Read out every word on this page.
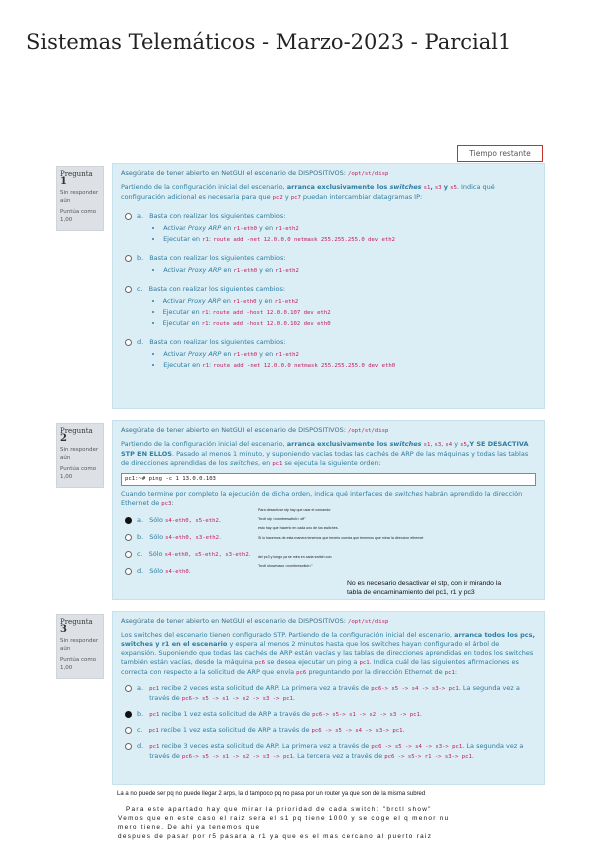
Sistemas Telemáticos - Marzo-2023 - Parcial1
Tiempo restante
Pregunta 1
Sin responder aún
Puntúa como 1,00

Asegúrate de tener abierto en NetGUI el escenario de DISPOSITIVOS: /opt/st/disp

Partiendo de la configuración inicial del escenario, arranca exclusivamente los switches s1, s3 y s5. Indica qué configuración adicional es necesaria para que pc2 y pc7 puedan intercambiar datagramas IP:

a. Basta con realizar los siguientes cambios:
• Activar Proxy ARP en r1-eth0 y en r1-eth2
• Ejecutar en r1: route add -net 12.0.0.0 netmask 255.255.255.0 dev eth2
b. Basta con realizar los siguientes cambios:
• Activar Proxy ARP en r1-eth0 y en r1-eth2
c. Basta con realizar los siguientes cambios:
• Activar Proxy ARP en r1-eth0 y en r1-eth2
• Ejecutar en r1: route add -host 12.0.0.107 dev eth2
• Ejecutar en r1: route add -host 12.0.0.102 dev eth0
d. Basta con realizar los siguientes cambios:
• Activar Proxy ARP en r1-eth0 y en r1-eth2
• Ejecutar en r1: route add -net 12.0.0.0 netmask 255.255.255.0 dev eth0
Pregunta 2
Sin responder aún
Puntúa como 1,00

Asegúrate de tener abierto en NetGUI el escenario de DISPOSITIVOS: /opt/st/disp

Partiendo de la configuración inicial del escenario, arranca exclusivamente los switches s1, s3, s4 y s5,Y SE DESACTIVA STP EN ELLOS. Pasado al menos 1 minuto, y suponiendo vacías todas las cachés de ARP de las máquinas y todas las tablas de direcciones aprendidas de los switches, en pc1 se ejecuta la siguiente orden:

pc1:~# ping -c 1 13.0.0.103

Cuando termine por completo la ejecución de dicha orden, indica qué interfaces de switches habrán aprendido la dirección Ethernet de pc3:

a. Sólo s4-eth0, s5-eth2.
b. Sólo s4-eth0, s3-eth2.
c. Sólo s4-eth0, s5-eth2, s3-eth2.
d. Sólo s4-eth0.
Para desactivar stp hay que usar el comando:
"brctl stp <nombreswitch> off"
esto hay que hacerlo en cada uno de los switches.
Si lo hacemos de esta manera tenemos que tenerlo cuenta que tenemos que mirar la direccion ethernet
del pc3 y luego ya se mira en cada switch con:
"brctl showmacs <nombreswitch>"
No es necesario desactivar el stp, con ir mirando la
tabla de encaminamiento del pc1, r1 y pc3
Pregunta 3
Sin responder aún
Puntúa como 1,00

Asegúrate de tener abierto en NetGUI el escenario de DISPOSITIVOS: /opt/st/disp

Los switches del escenario tienen configurado STP. Partiendo de la configuración inicial del escenario, arranca todos los pcs, switches y r1 en el escenario y espera al menos 2 minutos hasta que los switches hayan configurado el árbol de expansión. Suponiendo que todas las cachés de ARP están vacías y las tablas de direcciones aprendidas en todos los switches también están vacías, desde la máquina pc6 se desea ejecutar un ping a pc1. Indica cuál de las siguientes afirmaciones es correcta con respecto a la solicitud de ARP que envía pc6 preguntando por la dirección Ethernet de pc1:

a. pc1 recibe 2 veces esta solicitud de ARP. La primera vez a través de pc6-> s5 -> s4 -> s3-> pc1. La segunda vez a través de pc6-> s5 -> s1 -> s2 -> s3 -> pc1.
b. pc1 recibe 1 vez esta solicitud de ARP a través de pc6-> s5-> s1 -> s2 -> s3 -> pc1.
c. pc1 recibe 1 vez esta solicitud de ARP a través de pc6 -> s5 -> s4 -> s3-> pc1.
d. pc1 recibe 3 veces esta solicitud de ARP. La primera vez a través de pc6 -> s5 -> s4 -> s3-> pc1. La segunda vez a través de pc6-> s5 -> s1 -> s2 -> s3 -> pc1. La tercera vez a través de pc6 -> s5-> r1 -> s3-> pc1.
La a no puede ser pq no puede llegar 2 arps, la d tampoco pq no pasa por un router ya que son de la misma subred
Para este apartado hay que mirar la prioridad de cada switch: "brctl show"
Vemos que en este caso el raiz sera el s1 pq tiene 1000 y se coge el q menor nu
mero tiene. De ahi ya tenemos que
despues de pasar por r5 pasara a r1 ya que es el mas cercano al puerto raiz
